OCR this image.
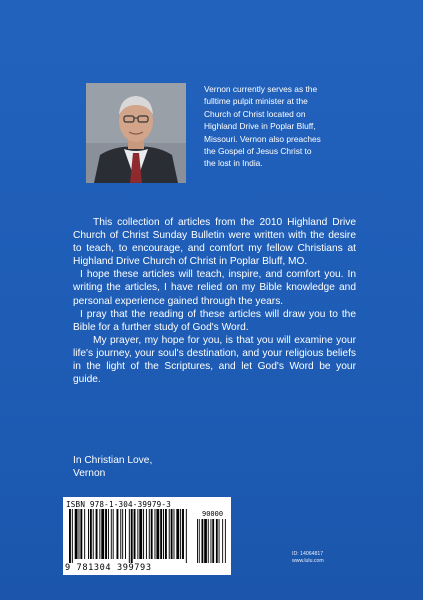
Vernon currently serves as the
fulltime pulpit minister at the
Church of Christ located on
Highland Drive in Poplar Bluff,
Missouri. Vernon also preaches
the Gospel of Jesus Christ to
the lost in India.

This collection of articles from the 2010 Highland Drive Church of Christ Sunday Bulletin were written with the desire to teach, to encourage, and comfort my fellow Christians at Highland Drive Church of Christ in Poplar Bluff, MO.

I hope these articles will teach, inspire, and comfort you. In writing the articles, I have relied on my Bible knowledge and personal experience gained through the years.

I pray that the reading of these articles will draw you to the Bible for a further study of God's Word.

My prayer, my hope for you, is that you will examine your life's journey, your soul's destination, and your religious beliefs in the light of the Scriptures, and let God's Word be your guide.

In Christian Love,
Vernon
ISBN 978-1-304-39979-3
90000
9 781304 399793
ID: 14064817
www.lulu.com
